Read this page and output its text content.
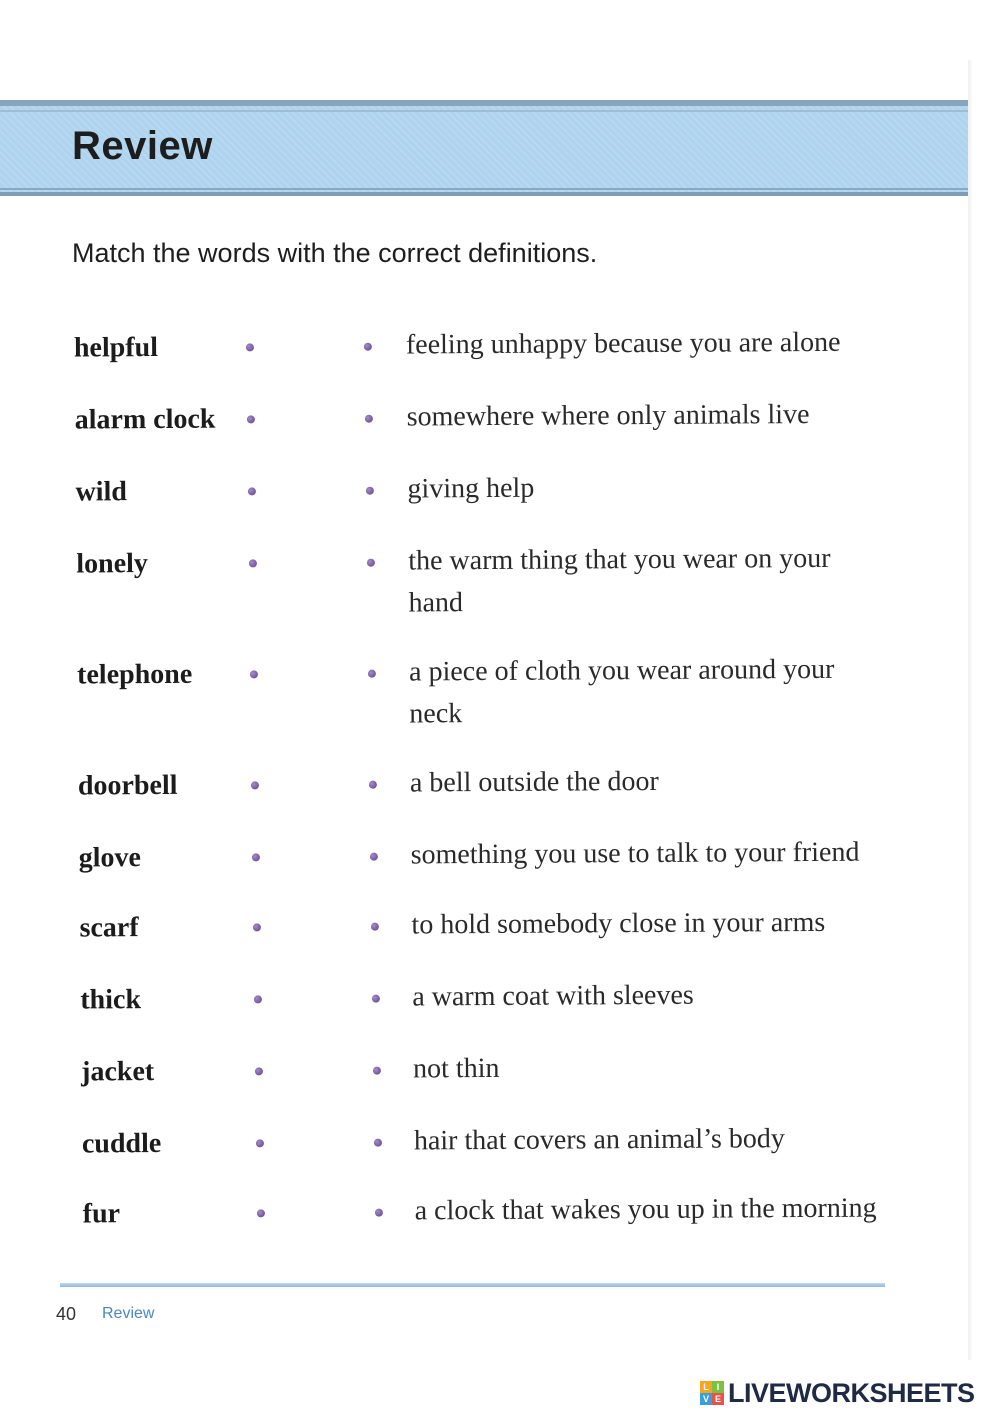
Review
Match the words with the correct definitions.
helpful	feeling unhappy because you are alone
alarm clock	somewhere where only animals live
wild	giving help
lonely	the warm thing that you wear on your hand
telephone	a piece of cloth you wear around your neck
doorbell	a bell outside the door
glove	something you use to talk to your friend
scarf	to hold somebody close in your arms
thick	a warm coat with sleeves
jacket	not thin
cuddle	hair that covers an animal’s body
fur	a clock that wakes you up in the morning
40 Review
L I
V E LIVEWORKSHEETS
